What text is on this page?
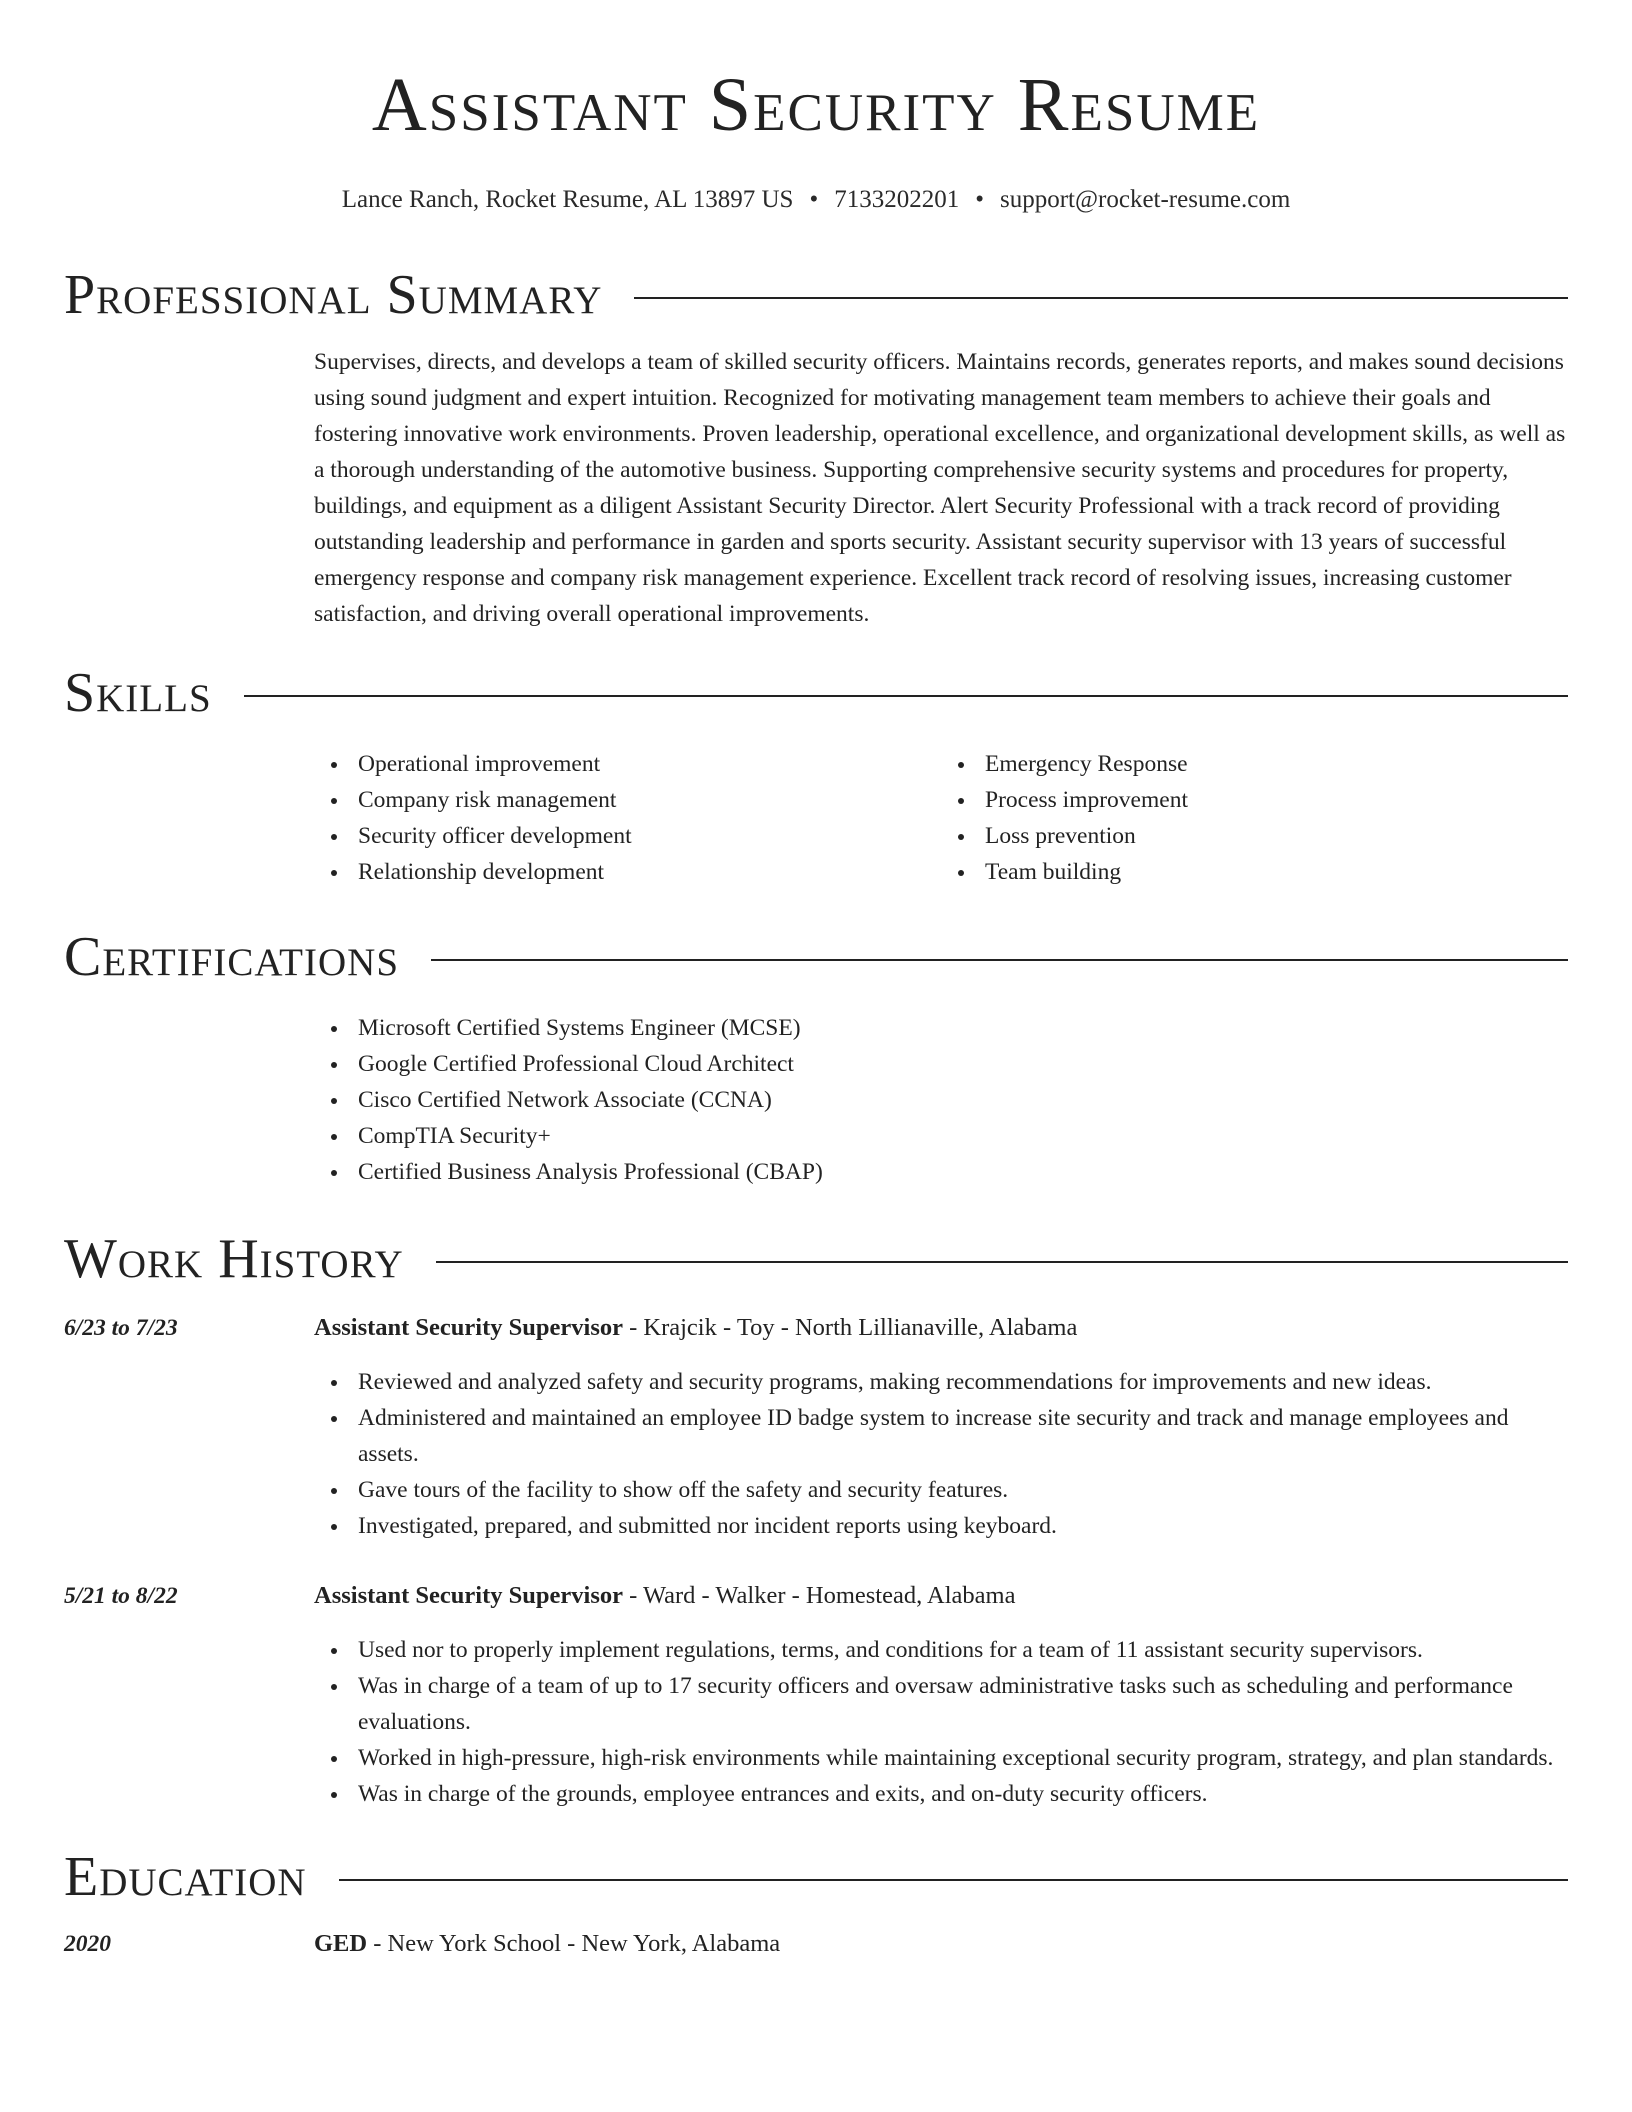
Assistant Security Resume
Lance Ranch, Rocket Resume, AL 13897 US • 7133202201 • support@rocket-resume.com
Professional Summary
Supervises, directs, and develops a team of skilled security officers. Maintains records, generates reports, and makes sound decisions using sound judgment and expert intuition. Recognized for motivating management team members to achieve their goals and fostering innovative work environments. Proven leadership, operational excellence, and organizational development skills, as well as a thorough understanding of the automotive business. Supporting comprehensive security systems and procedures for property, buildings, and equipment as a diligent Assistant Security Director. Alert Security Professional with a track record of providing outstanding leadership and performance in garden and sports security. Assistant security supervisor with 13 years of successful emergency response and company risk management experience. Excellent track record of resolving issues, increasing customer satisfaction, and driving overall operational improvements.
Skills
Operational improvement
Company risk management
Security officer development
Relationship development
Emergency Response
Process improvement
Loss prevention
Team building
Certifications
Microsoft Certified Systems Engineer (MCSE)
Google Certified Professional Cloud Architect
Cisco Certified Network Associate (CCNA)
CompTIA Security+
Certified Business Analysis Professional (CBAP)
Work History
6/23 to 7/23	Assistant Security Supervisor - Krajcik - Toy - North Lillianaville, Alabama
Reviewed and analyzed safety and security programs, making recommendations for improvements and new ideas.
Administered and maintained an employee ID badge system to increase site security and track and manage employees and assets.
Gave tours of the facility to show off the safety and security features.
Investigated, prepared, and submitted nor incident reports using keyboard.
5/21 to 8/22	Assistant Security Supervisor - Ward - Walker - Homestead, Alabama
Used nor to properly implement regulations, terms, and conditions for a team of 11 assistant security supervisors.
Was in charge of a team of up to 17 security officers and oversaw administrative tasks such as scheduling and performance evaluations.
Worked in high-pressure, high-risk environments while maintaining exceptional security program, strategy, and plan standards.
Was in charge of the grounds, employee entrances and exits, and on-duty security officers.
Education
2020	GED - New York School - New York, Alabama
